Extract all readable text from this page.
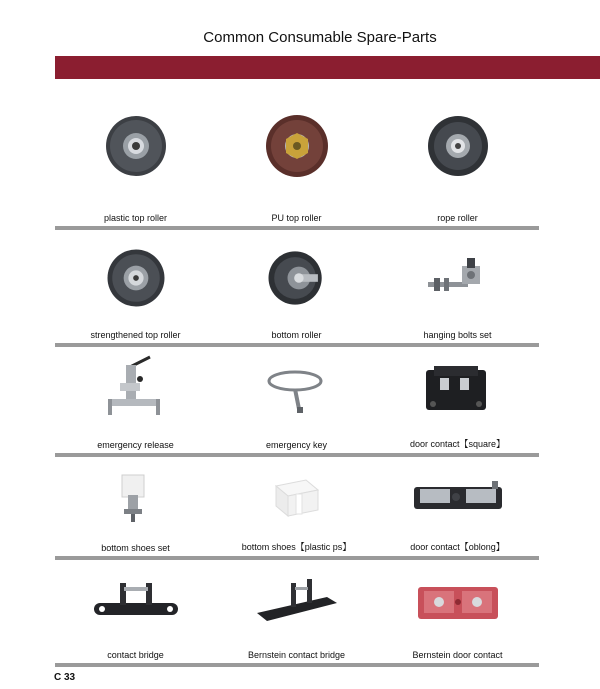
Common Consumable Spare-Parts
plastic top roller	PU top roller	rope roller
strengthened top roller	bottom roller	hanging bolts set
emergency release	emergency key	door contact【square】
bottom shoes set	bottom shoes【plastic ps】	door contact【oblong】
contact bridge	Bernstein contact bridge	Bernstein door contact
C 33
